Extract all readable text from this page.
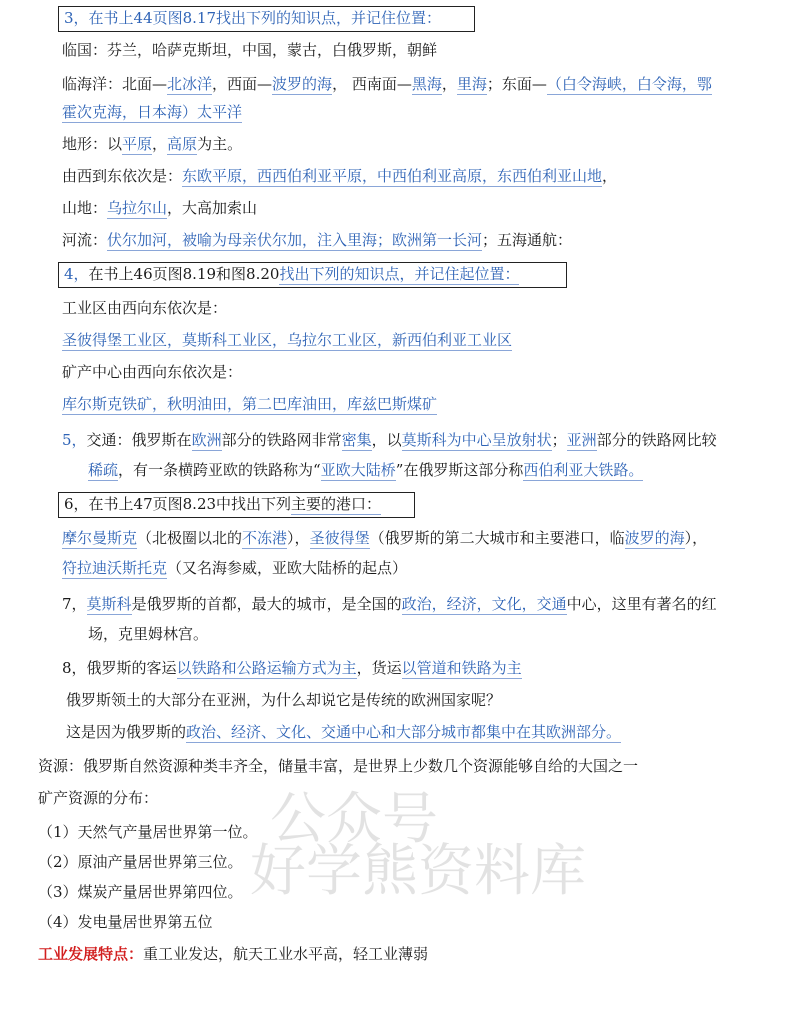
3，在书上44页图8.17找出下列的知识点，并记住位置：
临国：芬兰，哈萨克斯坦，中国，蒙古，白俄罗斯，朝鲜
临海洋：北面—北冰洋，西面—波罗的海， 西南面—黑海，里海；东面—（白令海峡，白令海，鄂
霍次克海，日本海）太平洋
地形：以平原，高原为主。
由西到东依次是：东欧平原，西西伯利亚平原，中西伯利亚高原，东西伯利亚山地，
山地：乌拉尔山，大高加索山
河流：伏尔加河，被喻为母亲伏尔加，注入里海；欧洲第一长河；五海通航：
4，在书上46页图8.19和图8.20找出下列的知识点，并记住起位置：
工业区由西向东依次是：
圣彼得堡工业区，莫斯科工业区，乌拉尔工业区，新西伯利亚工业区
矿产中心由西向东依次是：
库尔斯克铁矿，秋明油田，第二巴库油田，库兹巴斯煤矿
5，交通：俄罗斯在欧洲部分的铁路网非常密集，以莫斯科为中心呈放射状；亚洲部分的铁路网比较
稀疏，有一条横跨亚欧的铁路称为“亚欧大陆桥”在俄罗斯这部分称西伯利亚大铁路。
6，在书上47页图8.23中找出下列主要的港口：
摩尔曼斯克（北极圈以北的不冻港），圣彼得堡（俄罗斯的第二大城市和主要港口，临波罗的海），
符拉迪沃斯托克（又名海参威，亚欧大陆桥的起点）
7，莫斯科是俄罗斯的首都，最大的城市，是全国的政治，经济，文化，交通中心，这里有著名的红
场，克里姆林宫。
8，俄罗斯的客运以铁路和公路运输方式为主，货运以管道和铁路为主
俄罗斯领土的大部分在亚洲，为什么却说它是传统的欧洲国家呢？
这是因为俄罗斯的政治、经济、文化、交通中心和大部分城市都集中在其欧洲部分。
资源：俄罗斯自然资源种类丰齐全，储量丰富，是世界上少数几个资源能够自给的大国之一
矿产资源的分布：
（1）天然气产量居世界第一位。
（2）原油产量居世界第三位。
（3）煤炭产量居世界第四位。
（4）发电量居世界第五位
工业发展特点：重工业发达，航天工业水平高，轻工业薄弱
公众号
好学熊资料库
